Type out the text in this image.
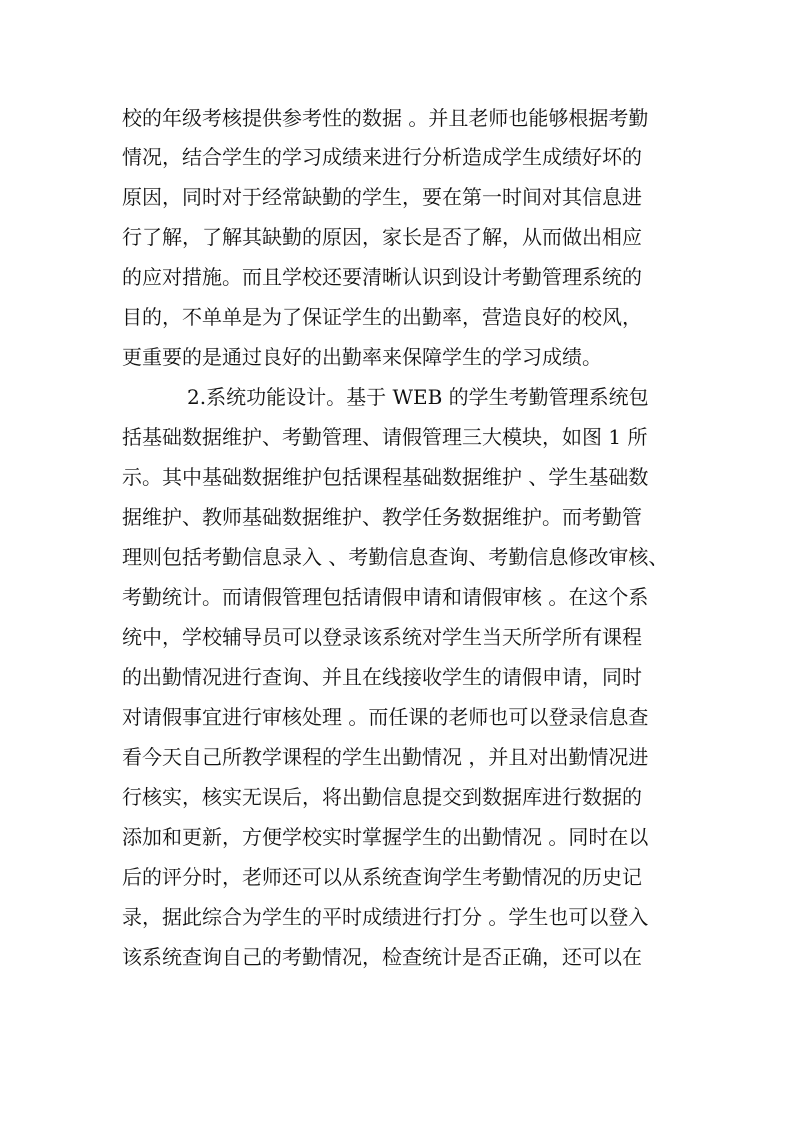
校的年级考核提供参考性的数据 。并且老师也能够根据考勤
情况，结合学生的学习成绩来进行分析造成学生成绩好坏的
原因，同时对于经常缺勤的学生，要在第一时间对其信息进
行了解，了解其缺勤的原因，家长是否了解，从而做出相应
的应对措施。而且学校还要清晰认识到设计考勤管理系统的
目的，不单单是为了保证学生的出勤率，营造良好的校风，
更重要的是通过良好的出勤率来保障学生的学习成绩。
2.系统功能设计。基于 WEB 的学生考勤管理系统包
括基础数据维护、考勤管理、请假管理三大模块，如图 1 所
示。其中基础数据维护包括课程基础数据维护 、学生基础数
据维护、教师基础数据维护、教学任务数据维护。而考勤管
理则包括考勤信息录入 、考勤信息查询、考勤信息修改审核、
考勤统计。而请假管理包括请假申请和请假审核 。在这个系
统中，学校辅导员可以登录该系统对学生当天所学所有课程
的出勤情况进行查询、并且在线接收学生的请假申请，同时
对请假事宜进行审核处理 。而任课的老师也可以登录信息查
看今天自己所教学课程的学生出勤情况 ，并且对出勤情况进
行核实，核实无误后，将出勤信息提交到数据库进行数据的
添加和更新，方便学校实时掌握学生的出勤情况 。同时在以
后的评分时，老师还可以从系统查询学生考勤情况的历史记
录，据此综合为学生的平时成绩进行打分 。学生也可以登入
该系统查询自己的考勤情况，检查统计是否正确，还可以在
